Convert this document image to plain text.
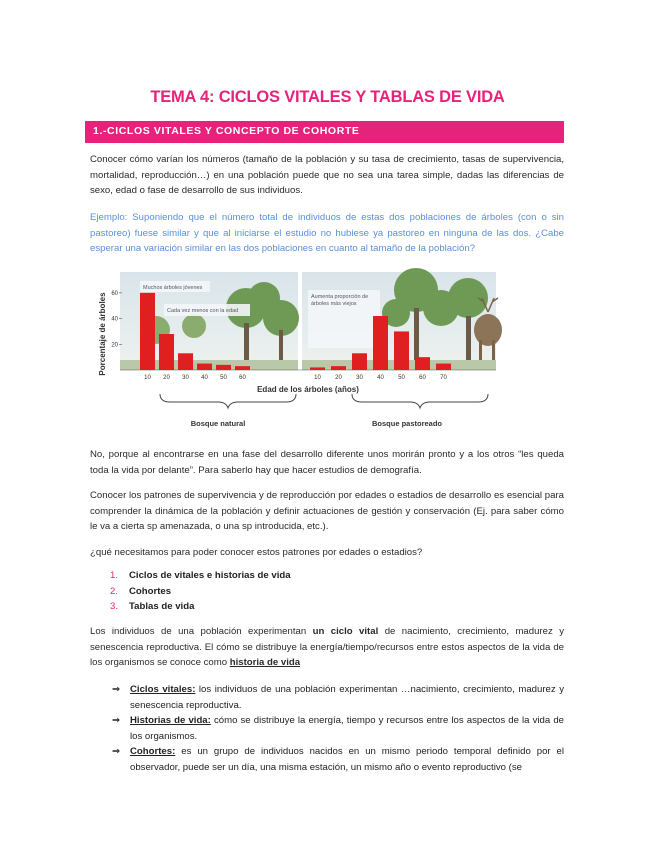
TEMA 4: CICLOS VITALES Y TABLAS DE VIDA
1.-CICLOS VITALES Y CONCEPTO DE COHORTE
Conocer cómo varían los números (tamaño de la población y su tasa de crecimiento, tasas de supervivencia, mortalidad, reproducción…) en una población puede que no sea una tarea simple, dadas las diferencias de sexo, edad o fase de desarrollo de sus individuos.
Ejemplo: Suponiendo que el número total de individuos de estas dos poblaciones de árboles (con o sin pastoreo) fuese similar y que al iniciarse el estudio no hubiese ya pastoreo en ninguna de las dos. ¿Cabe esperar una variación similar en las dos poblaciones en cuanto al tamaño de la población?
Muchos árboles jóvenes
Cada vez menos con la edad
Aumenta proporción de árboles más viejos
Porcentaje de árboles 60
40
20
10 20 30 40 50 60	10 20 30 40 50 60 70
Edad de los árboles (años)
Bosque natural	Bosque pastoreado
No, porque al encontrarse en una fase del desarrollo diferente unos morirán pronto y a los otros “les queda toda la vida por delante”. Para saberlo hay que hacer estudios de demografía.
Conocer los patrones de supervivencia y de reproducción por edades o estadios de desarrollo es esencial para comprender la dinámica de la población y definir actuaciones de gestión y conservación (Ej. para saber cómo le va a cierta sp amenazada, o una sp introducida, etc.).
¿qué necesitamos para poder conocer estos patrones por edades o estadios?
1. Ciclos de vitales e historias de vida
2. Cohortes
3. Tablas de vida
Los individuos de una población experimentan un ciclo vital de nacimiento, crecimiento, madurez y senescencia reproductiva. El cómo se distribuye la energía/tiempo/recursos entre estos aspectos de la vida de los organismos se conoce como historia de vida
⇒ Ciclos vitales: los individuos de una población experimentan …nacimiento, crecimiento, madurez y senescencia reproductiva.
⇒ Historias de vida: cómo se distribuye la energía, tiempo y recursos entre los aspectos de la vida de los organismos.
⇒ Cohortes: es un grupo de individuos nacidos en un mismo periodo temporal definido por el observador, puede ser un día, una misma estación, un mismo año o evento reproductivo (se
